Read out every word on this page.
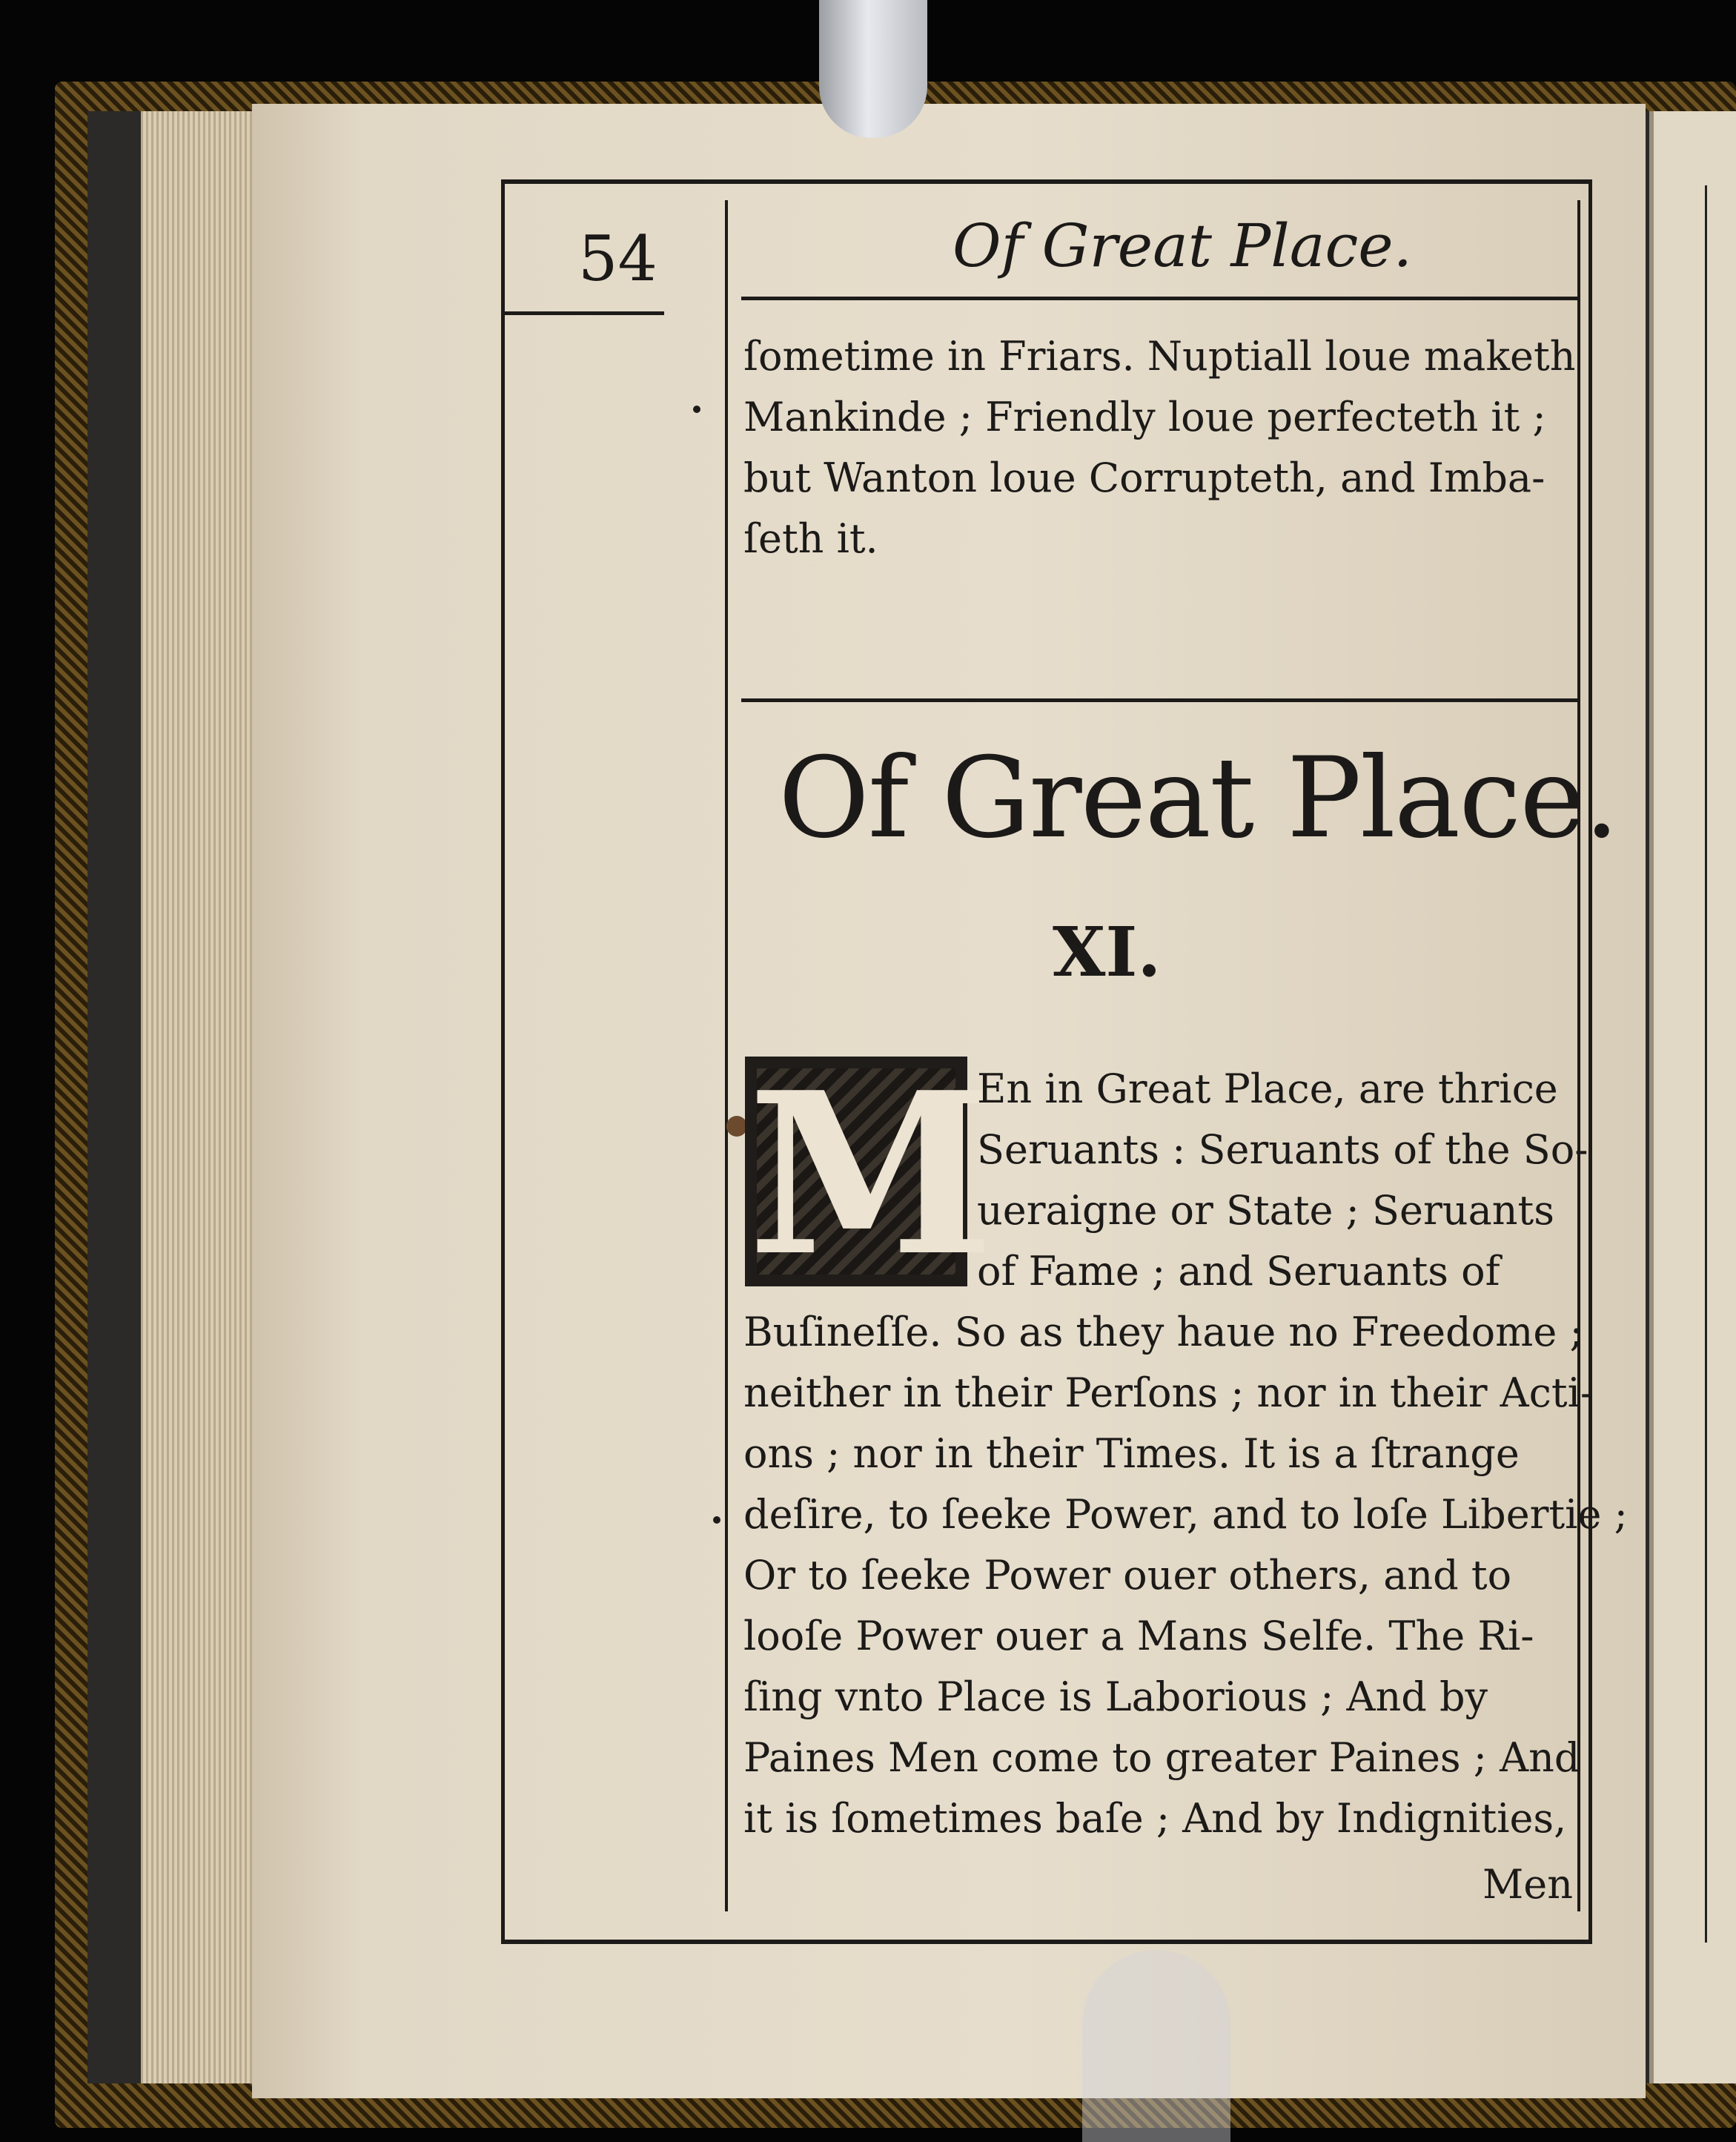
54	Of Great Place.
ſometime in Friars. Nuptiall loue maketh
Mankinde ; Friendly loue perfecteth it ;
but Wanton loue Corrupteth, and Imba-
ſeth it.
Of Great Place.
XI.
M
En in Great Place, are thrice
Seruants : Seruants of the So-
ueraigne or State ; Seruants
of Fame ; and Seruants of
Buſineſſe. So as they haue no Freedome ;
neither in their Perſons ; nor in their Acti-
ons ; nor in their Times. It is a ſtrange
deſire, to ſeeke Power, and to loſe Libertie ;
Or to ſeeke Power ouer others, and to
looſe Power ouer a Mans Selfe. The Ri-
ſing vnto Place is Laborious ; And by
Paines Men come to greater Paines ; And
it is ſometimes baſe ; And by Indignities,
Men
